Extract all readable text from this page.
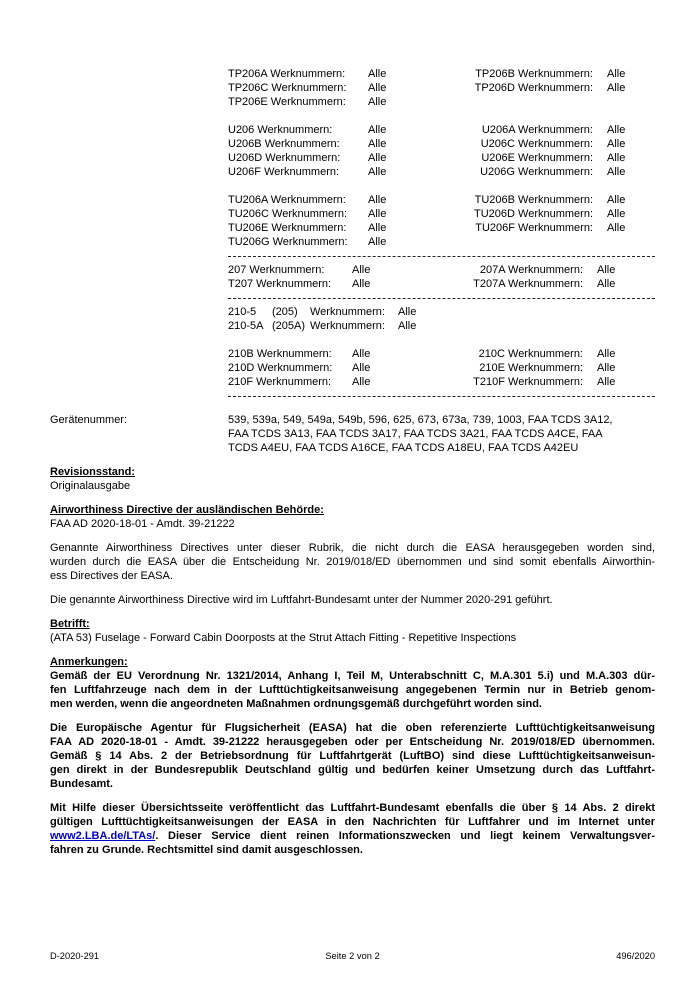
TP206A Werknummern:	Alle	TP206B Werknummern:	Alle
TP206C Werknummern:	Alle	TP206D Werknummern:	Alle
TP206E Werknummern:	Alle
U206 Werknummern:	Alle	U206A Werknummern:	Alle
U206B Werknummern:	Alle	U206C Werknummern:	Alle
U206D Werknummern:	Alle	U206E Werknummern:	Alle
U206F Werknummern:	Alle	U206G Werknummern:	Alle
TU206A Werknummern:	Alle	TU206B Werknummern:	Alle
TU206C Werknummern:	Alle	TU206D Werknummern:	Alle
TU206E Werknummern:	Alle	TU206F Werknummern:	Alle
TU206G Werknummern:	Alle
207 Werknummern:	Alle	207A Werknummern:	Alle
T207 Werknummern:	Alle	T207A Werknummern:	Alle
210-5	(205)	Werknummern:	Alle
210-5A (205A) Werknummern:	Alle
210B Werknummern:	Alle	210C Werknummern:	Alle
210D Werknummern:	Alle	210E Werknummern:	Alle
210F Werknummern:	Alle	T210F Werknummern:	Alle
Gerätenummer:	539, 539a, 549, 549a, 549b, 596, 625, 673, 673a, 739, 1003, FAA TCDS 3A12,
FAA TCDS 3A13, FAA TCDS 3A17, FAA TCDS 3A21, FAA TCDS A4CE, FAA
TCDS A4EU, FAA TCDS A16CE, FAA TCDS A18EU, FAA TCDS A42EU
Revisionsstand:
Originalausgabe
Airworthiness Directive der ausländischen Behörde:
FAA AD 2020-18-01 - Amdt. 39-21222
Genannte Airworthiness Directives unter dieser Rubrik, die nicht durch die EASA herausgegeben worden sind,
wurden durch die EASA über die Entscheidung Nr. 2019/018/ED übernommen und sind somit ebenfalls Airworthin-
ess Directives der EASA.
Die genannte Airworthiness Directive wird im Luftfahrt-Bundesamt unter der Nummer 2020-291 geführt.
Betrifft:
(ATA 53) Fuselage - Forward Cabin Doorposts at the Strut Attach Fitting - Repetitive Inspections
Anmerkungen:
Gemäß der EU Verordnung Nr. 1321/2014, Anhang I, Teil M, Unterabschnitt C, M.A.301 5.i) und M.A.303 dür-
fen Luftfahrzeuge nach dem in der Lufttüchtigkeitsanweisung angegebenen Termin nur in Betrieb genom-
men werden, wenn die angeordneten Maßnahmen ordnungsgemäß durchgeführt worden sind.
Die Europäische Agentur für Flugsicherheit (EASA) hat die oben referenzierte Lufttüchtigkeitsanweisung
FAA AD 2020-18-01 - Amdt. 39-21222 herausgegeben oder per Entscheidung Nr. 2019/018/ED übernommen.
Gemäß § 14 Abs. 2 der Betriebsordnung für Luftfahrtgerät (LuftBO) sind diese Lufttüchtigkeitsanweisun-
gen direkt in der Bundesrepublik Deutschland gültig und bedürfen keiner Umsetzung durch das Luftfahrt-
Bundesamt.
Mit Hilfe dieser Übersichtsseite veröffentlicht das Luftfahrt-Bundesamt ebenfalls die über § 14 Abs. 2 direkt
gültigen Lufttüchtigkeitsanweisungen der EASA in den Nachrichten für Luftfahrer und im Internet unter
www2.LBA.de/LTAs/. Dieser Service dient reinen Informationszwecken und liegt keinem Verwaltungsver-
fahren zu Grunde. Rechtsmittel sind damit ausgeschlossen.
D-2020-291	Seite 2 von 2	496/2020
